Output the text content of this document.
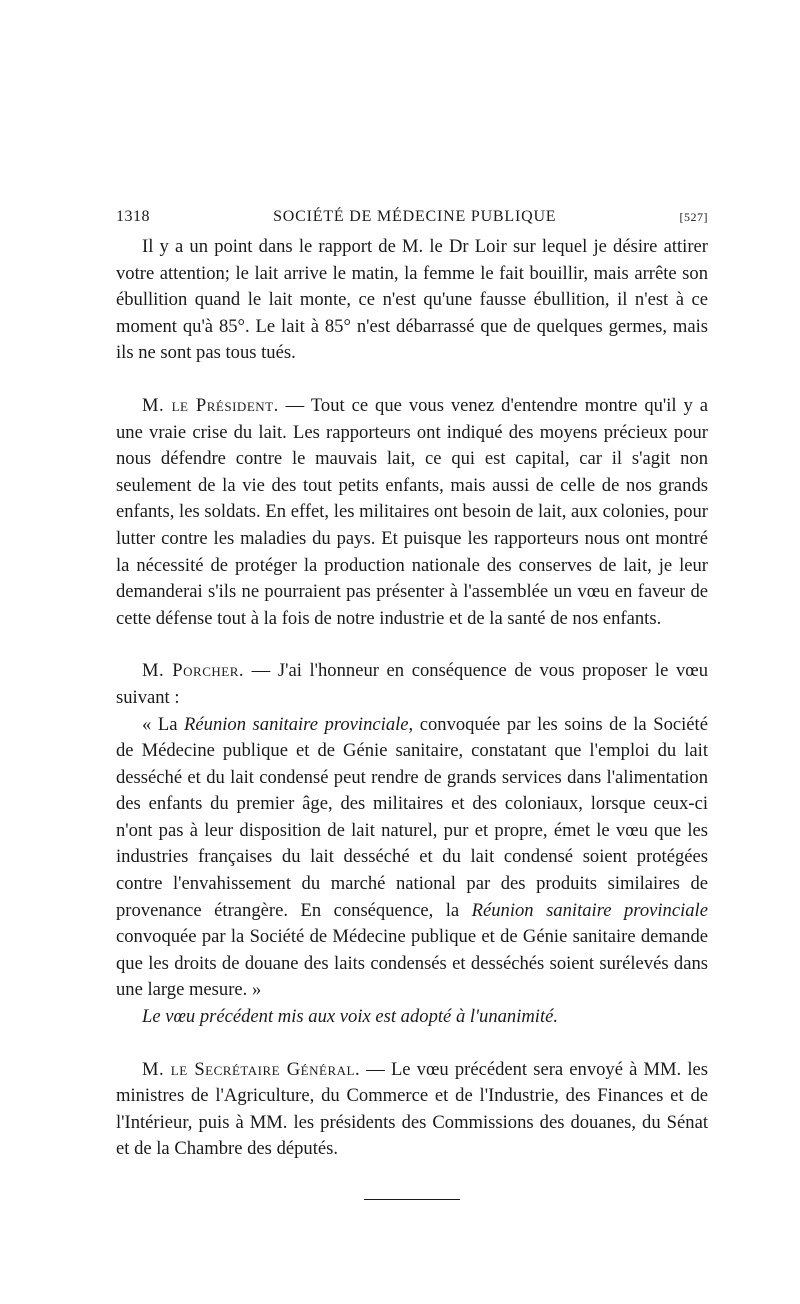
1318	SOCIÉTÉ DE MÉDECINE PUBLIQUE	[527]

Il y a un point dans le rapport de M. le Dr Loir sur lequel je désire attirer votre attention; le lait arrive le matin, la femme le fait bouillir, mais arrête son ébullition quand le lait monte, ce n'est qu'une fausse ébullition, il n'est à ce moment qu'à 85°. Le lait à 85° n'est débarrassé que de quelques germes, mais ils ne sont pas tous tués.

M. le Président. — Tout ce que vous venez d'entendre montre qu'il y a une vraie crise du lait. Les rapporteurs ont indiqué des moyens précieux pour nous défendre contre le mauvais lait, ce qui est capital, car il s'agit non seulement de la vie des tout petits enfants, mais aussi de celle de nos grands enfants, les soldats. En effet, les militaires ont besoin de lait, aux colonies, pour lutter contre les maladies du pays. Et puisque les rapporteurs nous ont montré la nécessité de protéger la production nationale des conserves de lait, je leur demanderai s'ils ne pourraient pas présenter à l'assemblée un vœu en faveur de cette défense tout à la fois de notre industrie et de la santé de nos enfants.

M. Porcher. — J'ai l'honneur en conséquence de vous proposer le vœu suivant :

« La Réunion sanitaire provinciale, convoquée par les soins de la Société de Médecine publique et de Génie sanitaire, constatant que l'emploi du lait desséché et du lait condensé peut rendre de grands services dans l'alimentation des enfants du premier âge, des militaires et des coloniaux, lorsque ceux-ci n'ont pas à leur disposition de lait naturel, pur et propre, émet le vœu que les industries françaises du lait desséché et du lait condensé soient protégées contre l'envahissement du marché national par des produits similaires de provenance étrangère. En conséquence, la Réunion sanitaire provinciale convoquée par la Société de Médecine publique et de Génie sanitaire demande que les droits de douane des laits condensés et desséchés soient surélevés dans une large mesure. »

Le vœu précédent mis aux voix est adopté à l'unanimité.

M. le Secrétaire Général. — Le vœu précédent sera envoyé à MM. les ministres de l'Agriculture, du Commerce et de l'Industrie, des Finances et de l'Intérieur, puis à MM. les présidents des Commissions des douanes, du Sénat et de la Chambre des députés.
